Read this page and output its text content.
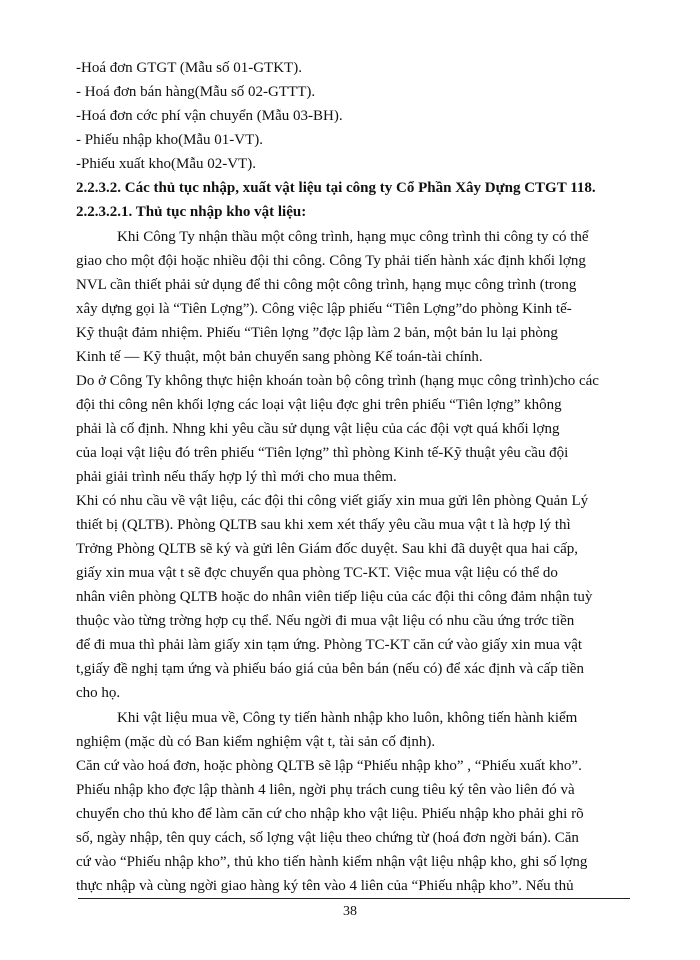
-Hoá đơn GTGT (Mẫu số 01-GTKT).
- Hoá đơn bán hàng(Mẫu số 02-GTTT).
-Hoá đơn cớc phí vận chuyển (Mẫu 03-BH).
- Phiếu nhập kho(Mẫu 01-VT).
-Phiếu xuất kho(Mẫu 02-VT).
2.2.3.2. Các thủ tục nhập, xuất vật liệu tại công ty Cổ Phần Xây Dựng CTGT 118.
2.2.3.2.1. Thủ tục nhập kho vật liệu:
Khi Công Ty nhận thầu một công trình, hạng mục công trình thi công ty có thể
giao cho một đội hoặc nhiều đội thi công. Công Ty phải tiến hành xác định khối lợng
NVL cần thiết phải sử dụng để thi công một công trình, hạng mục công trình (trong
xây dựng gọi là “Tiên Lợng”). Công việc lập phiếu “Tiên Lợng”do phòng Kinh tế-
Kỹ thuật đảm nhiệm. Phiếu “Tiên lợng ”đợc lập làm 2 bản, một bản lu lại phòng
Kinh tế — Kỹ thuật, một bản chuyển sang phòng Kế toán-tài chính.
Do ở Công Ty không thực hiện khoán toàn bộ công trình (hạng mục công trình)cho các
đội thi công nên khối lợng các loại vật liệu đợc ghi trên phiếu “Tiên lợng” không
phải là cố định. Nhng khi yêu cầu sử dụng vật liệu của các đội vợt quá khối lợng
của loại vật liệu đó trên phiếu “Tiên lợng” thì phòng Kinh tế-Kỹ thuật yêu cầu đội
phải giải trình nếu thấy hợp lý thì mới cho mua thêm.
Khi có nhu cầu về vật liệu, các đội thi công viết giấy xin mua gửi lên phòng Quản Lý
thiết bị (QLTB). Phòng QLTB sau khi xem xét thấy yêu cầu mua vật t là hợp lý thì
Trởng Phòng QLTB sẽ ký và gửi lên Giám đốc duyệt. Sau khi đã duyệt qua hai cấp,
giấy xin mua vật t sẽ đợc chuyển qua phòng TC-KT. Việc mua vật liệu có thể do
nhân viên phòng QLTB hoặc do nhân viên tiếp liệu của các đội thi công đảm nhận tuỳ
thuộc vào từng trờng hợp cụ thể. Nếu ngời đi mua vật liệu có nhu cầu ứng trớc tiền
để đi mua thì phải làm giấy xin tạm ứng. Phòng TC-KT căn cứ vào giấy xin mua vật
t,giấy đề nghị tạm ứng và phiếu báo giá của bên bán (nếu có) để xác định và cấp tiền
cho họ.
Khi vật liệu mua về, Công ty tiến hành nhập kho luôn, không tiến hành kiểm
nghiệm (mặc dù có Ban kiểm nghiệm vật t, tài sản cố định).
Căn cứ vào hoá đơn, hoặc phòng QLTB sẽ lập “Phiếu nhập kho” , “Phiếu xuất kho”.
Phiếu nhập kho đợc lập thành 4 liên, ngời phụ trách cung tiêu ký tên vào liên đó và
chuyển cho thủ kho để làm căn cứ cho nhập kho vật liệu. Phiếu nhập kho phải ghi rõ
số, ngày nhập, tên quy cách, số lợng vật liệu theo chứng từ (hoá đơn ngời bán). Căn
cứ vào “Phiếu nhập kho”, thủ kho tiến hành kiểm nhận vật liệu nhập kho, ghi số lợng
thực nhập và cùng ngời giao hàng ký tên vào 4 liên của “Phiếu nhập kho”. Nếu thủ
38
